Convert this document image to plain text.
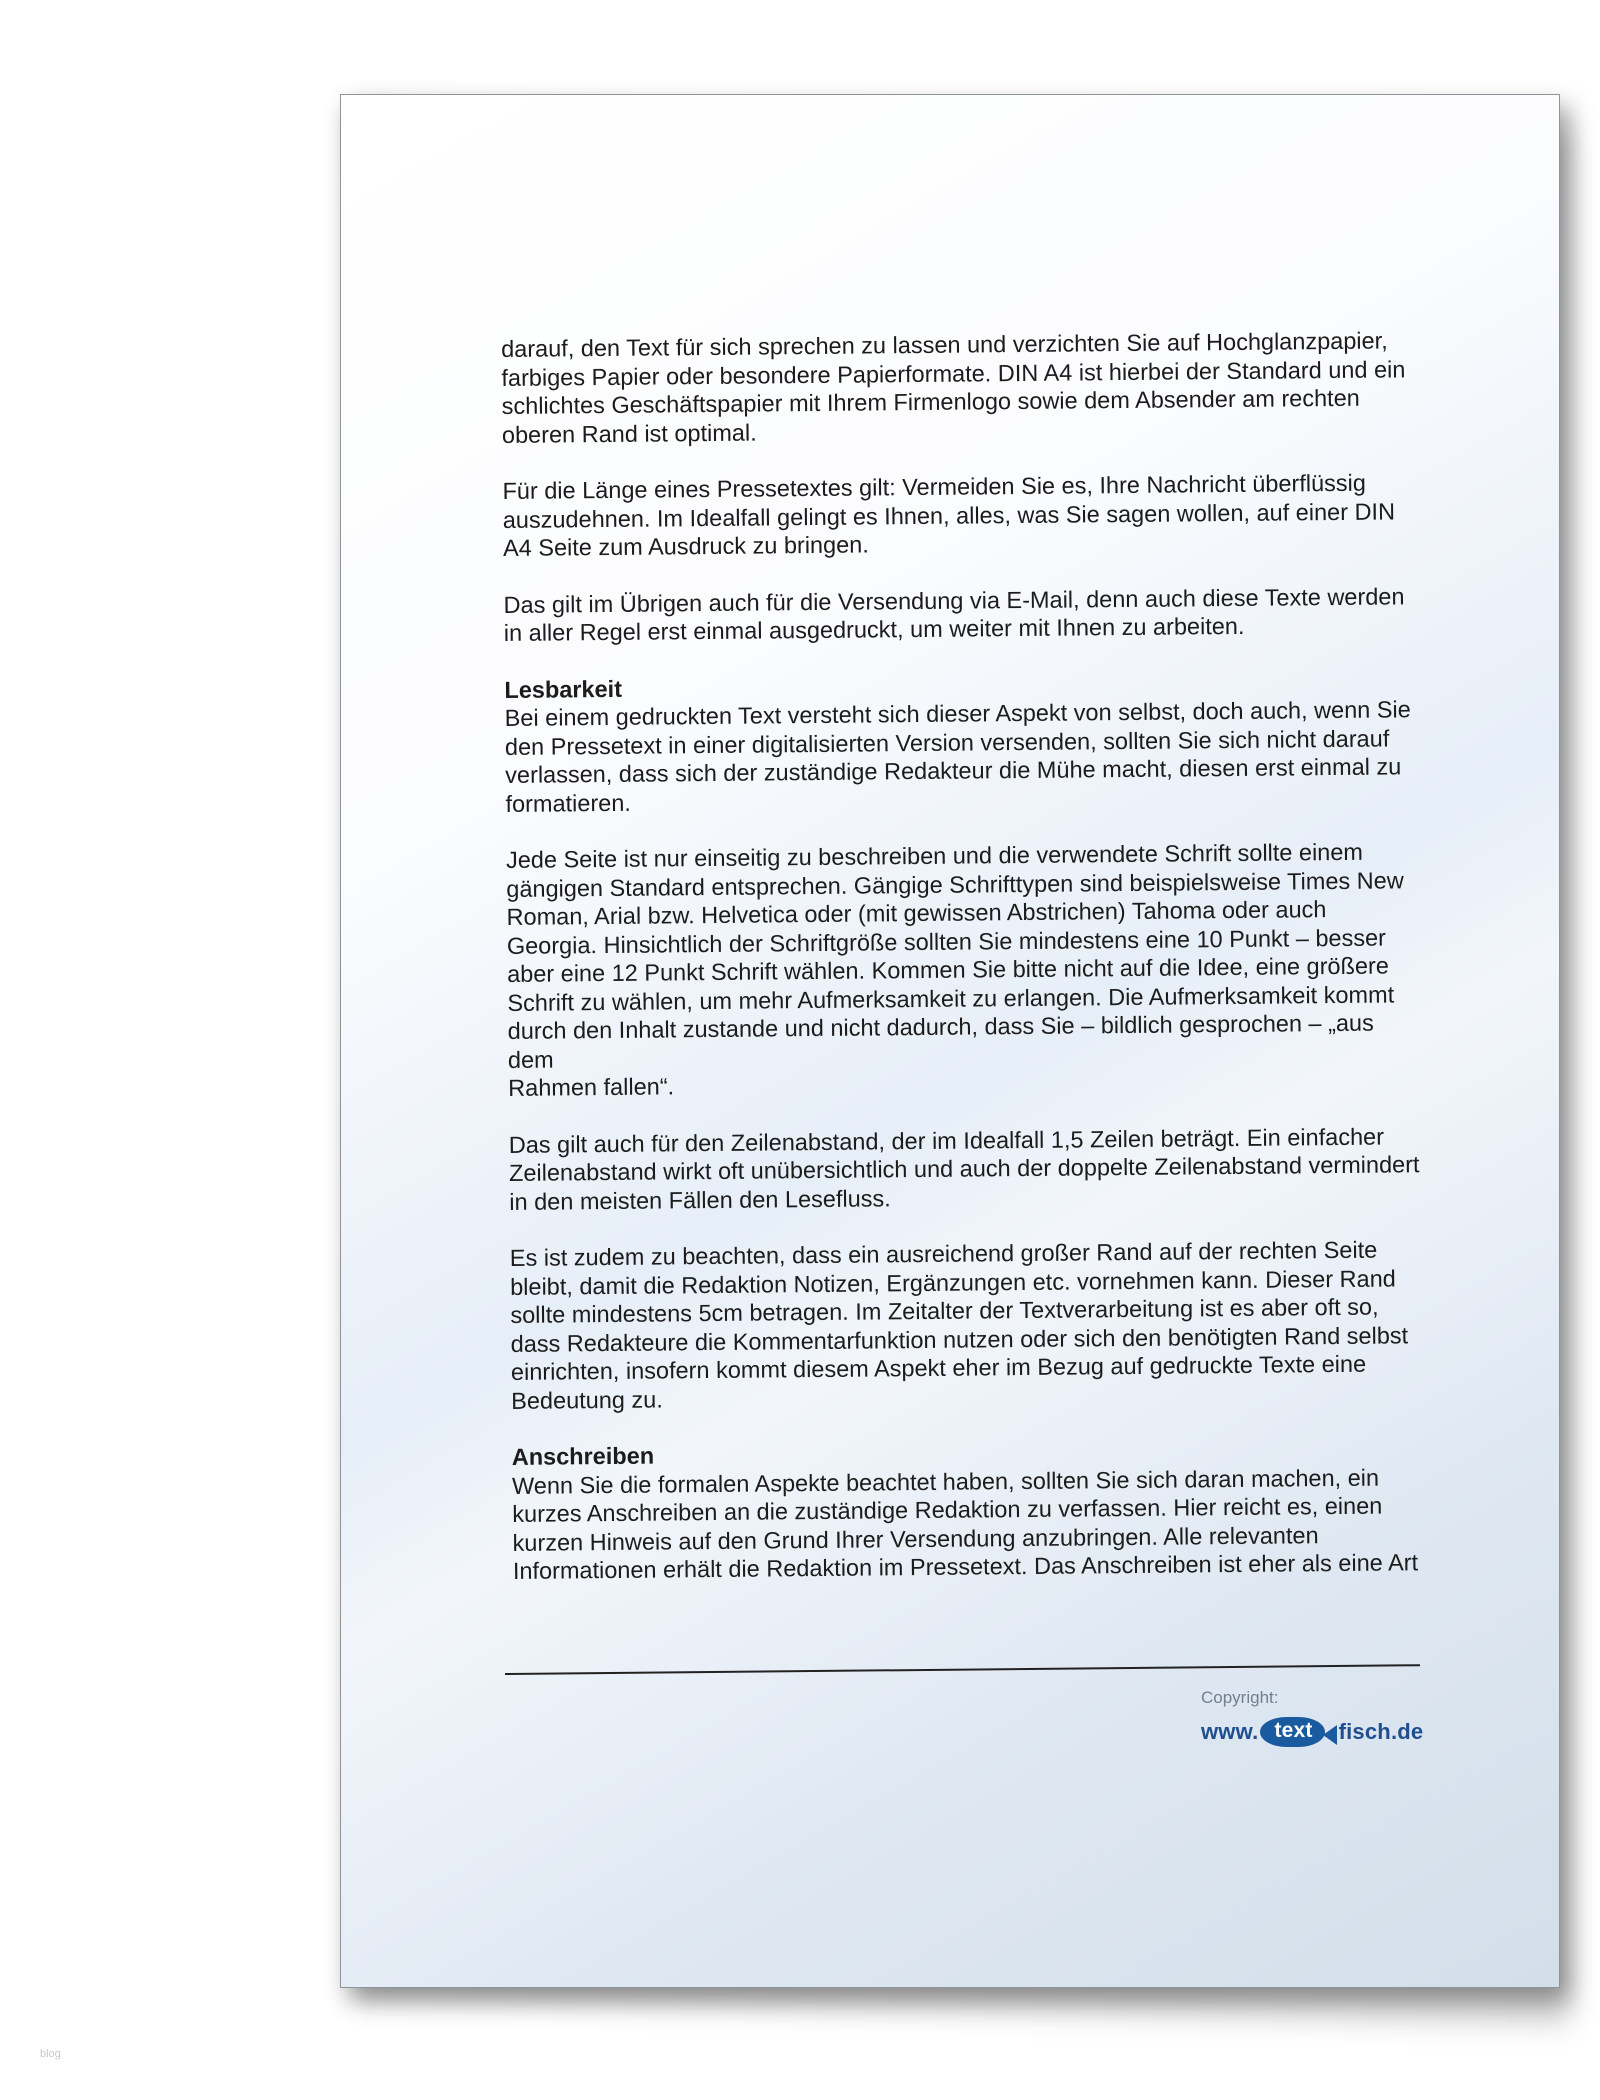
darauf, den Text für sich sprechen zu lassen und verzichten Sie auf Hochglanzpapier,
farbiges Papier oder besondere Papierformate. DIN A4 ist hierbei der Standard und ein
schlichtes Geschäftspapier mit Ihrem Firmenlogo sowie dem Absender am rechten
oberen Rand ist optimal.

Für die Länge eines Pressetextes gilt: Vermeiden Sie es, Ihre Nachricht überflüssig
auszudehnen. Im Idealfall gelingt es Ihnen, alles, was Sie sagen wollen, auf einer DIN
A4 Seite zum Ausdruck zu bringen.

Das gilt im Übrigen auch für die Versendung via E-Mail, denn auch diese Texte werden
in aller Regel erst einmal ausgedruckt, um weiter mit Ihnen zu arbeiten.

Lesbarkeit

Bei einem gedruckten Text versteht sich dieser Aspekt von selbst, doch auch, wenn Sie
den Pressetext in einer digitalisierten Version versenden, sollten Sie sich nicht darauf
verlassen, dass sich der zuständige Redakteur die Mühe macht, diesen erst einmal zu
formatieren.

Jede Seite ist nur einseitig zu beschreiben und die verwendete Schrift sollte einem
gängigen Standard entsprechen. Gängige Schrifttypen sind beispielsweise Times New
Roman, Arial bzw. Helvetica oder (mit gewissen Abstrichen) Tahoma oder auch
Georgia. Hinsichtlich der Schriftgröße sollten Sie mindestens eine 10 Punkt – besser
aber eine 12 Punkt Schrift wählen. Kommen Sie bitte nicht auf die Idee, eine größere
Schrift zu wählen, um mehr Aufmerksamkeit zu erlangen. Die Aufmerksamkeit kommt
durch den Inhalt zustande und nicht dadurch, dass Sie – bildlich gesprochen – „aus dem
Rahmen fallen“.

Das gilt auch für den Zeilenabstand, der im Idealfall 1,5 Zeilen beträgt. Ein einfacher
Zeilenabstand wirkt oft unübersichtlich und auch der doppelte Zeilenabstand vermindert
in den meisten Fällen den Lesefluss.

Es ist zudem zu beachten, dass ein ausreichend großer Rand auf der rechten Seite
bleibt, damit die Redaktion Notizen, Ergänzungen etc. vornehmen kann. Dieser Rand
sollte mindestens 5cm betragen. Im Zeitalter der Textverarbeitung ist es aber oft so,
dass Redakteure die Kommentarfunktion nutzen oder sich den benötigten Rand selbst
einrichten, insofern kommt diesem Aspekt eher im Bezug auf gedruckte Texte eine
Bedeutung zu.

Anschreiben

Wenn Sie die formalen Aspekte beachtet haben, sollten Sie sich daran machen, ein
kurzes Anschreiben an die zuständige Redaktion zu verfassen. Hier reicht es, einen
kurzen Hinweis auf den Grund Ihrer Versendung anzubringen. Alle relevanten
Informationen erhält die Redaktion im Pressetext. Das Anschreiben ist eher als eine Art

Copyright:
www. text	fisch.de
blog
